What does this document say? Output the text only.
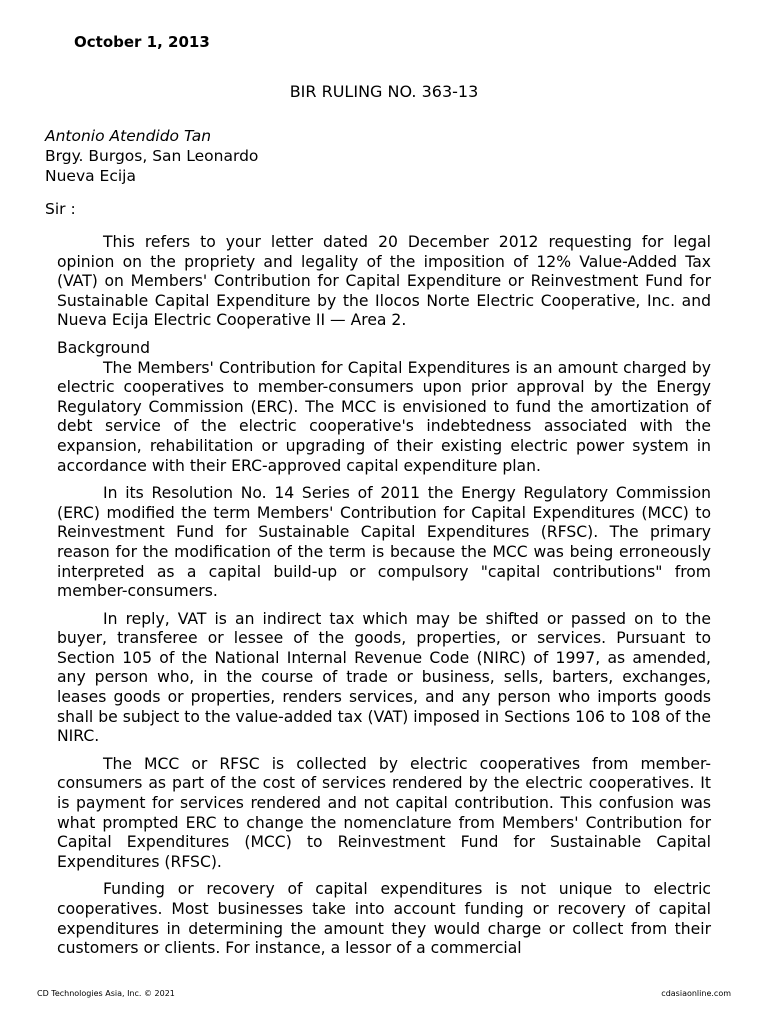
October 1, 2013
BIR RULING NO. 363-13
Antonio Atendido Tan
Brgy. Burgos, San Leonardo
Nueva Ecija
Sir :

This refers to your letter dated 20 December 2012 requesting for legal opinion on the propriety and legality of the imposition of 12% Value-Added Tax (VAT) on Members' Contribution for Capital Expenditure or Reinvestment Fund for Sustainable Capital Expenditure by the Ilocos Norte Electric Cooperative, Inc. and Nueva Ecija Electric Cooperative II — Area 2.

Background

The Members' Contribution for Capital Expenditures is an amount charged by electric cooperatives to member-consumers upon prior approval by the Energy Regulatory Commission (ERC). The MCC is envisioned to fund the amortization of debt service of the electric cooperative's indebtedness associated with the expansion, rehabilitation or upgrading of their existing electric power system in accordance with their ERC-approved capital expenditure plan.

In its Resolution No. 14 Series of 2011 the Energy Regulatory Commission (ERC) modified the term Members' Contribution for Capital Expenditures (MCC) to Reinvestment Fund for Sustainable Capital Expenditures (RFSC). The primary reason for the modification of the term is because the MCC was being erroneously interpreted as a capital build-up or compulsory "capital contributions" from member-consumers.

In reply, VAT is an indirect tax which may be shifted or passed on to the buyer, transferee or lessee of the goods, properties, or services. Pursuant to Section 105 of the National Internal Revenue Code (NIRC) of 1997, as amended, any person who, in the course of trade or business, sells, barters, exchanges, leases goods or properties, renders services, and any person who imports goods shall be subject to the value-added tax (VAT) imposed in Sections 106 to 108 of the NIRC.

The MCC or RFSC is collected by electric cooperatives from member-consumers as part of the cost of services rendered by the electric cooperatives. It is payment for services rendered and not capital contribution. This confusion was what prompted ERC to change the nomenclature from Members' Contribution for Capital Expenditures (MCC) to Reinvestment Fund for Sustainable Capital Expenditures (RFSC).

Funding or recovery of capital expenditures is not unique to electric cooperatives. Most businesses take into account funding or recovery of capital expenditures in determining the amount they would charge or collect from their customers or clients. For instance, a lessor of a commercial

CD Technologies Asia, Inc. © 2021	cdasiaonline.com
